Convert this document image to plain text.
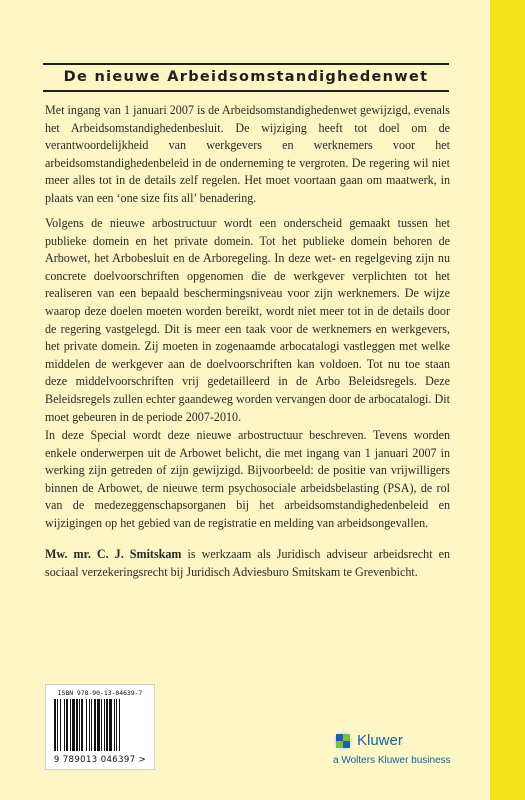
De nieuwe Arbeidsomstandighedenwet

Met ingang van 1 januari 2007 is de Arbeidsomstandighedenwet gewijzigd, evenals het Arbeidsomstandighedenbesluit. De wijziging heeft tot doel om de verantwoordelijkheid van werkgevers en werknemers voor het arbeidsomstandighedenbeleid in de onderneming te vergroten. De regering wil niet meer alles tot in de details zelf regelen. Het moet voortaan gaan om maatwerk, in plaats van een ‘one size fits all’ benadering.

Volgens de nieuwe arbostructuur wordt een onderscheid gemaakt tussen het publieke domein en het private domein. Tot het publieke domein behoren de Arbowet, het Arbobesluit en de Arboregeling. In deze wet- en regelgeving zijn nu concrete doelvoorschriften opgenomen die de werkgever verplichten tot het realiseren van een bepaald beschermingsniveau voor zijn werknemers. De wijze waarop deze doelen moeten worden bereikt, wordt niet meer tot in de details door de regering vastgelegd. Dit is meer een taak voor de werknemers en werkgevers, het private domein. Zij moeten in zogenaamde arbocatalogi vastleggen met welke middelen de werkgever aan de doelvoorschriften kan voldoen. Tot nu toe staan deze middelvoorschriften vrij gedetailleerd in de Arbo Beleidsregels. Deze Beleidsregels zullen echter gaandeweg worden vervangen door de arbocatalogi. Dit moet gebeuren in de periode 2007-2010.

In deze Special wordt deze nieuwe arbostructuur beschreven. Tevens worden enkele onderwerpen uit de Arbowet belicht, die met ingang van 1 januari 2007 in werking zijn getreden of zijn gewijzigd. Bijvoorbeeld: de positie van vrijwilligers binnen de Arbowet, de nieuwe term psychosociale arbeidsbelasting (PSA), de rol van de medezeggenschapsorganen bij het arbeidsomstandighedenbeleid en wijzigingen op het gebied van de registratie en melding van arbeidsongevallen.

Mw. mr. C. J. Smitskam is werkzaam als Juridisch adviseur arbeidsrecht en sociaal verzekeringsrecht bij Juridisch Adviesburo Smitskam te Grevenbicht.

ISBN 978-90-13-04639-7
9 789013 046397 >
Kluwer
a Wolters Kluwer business
